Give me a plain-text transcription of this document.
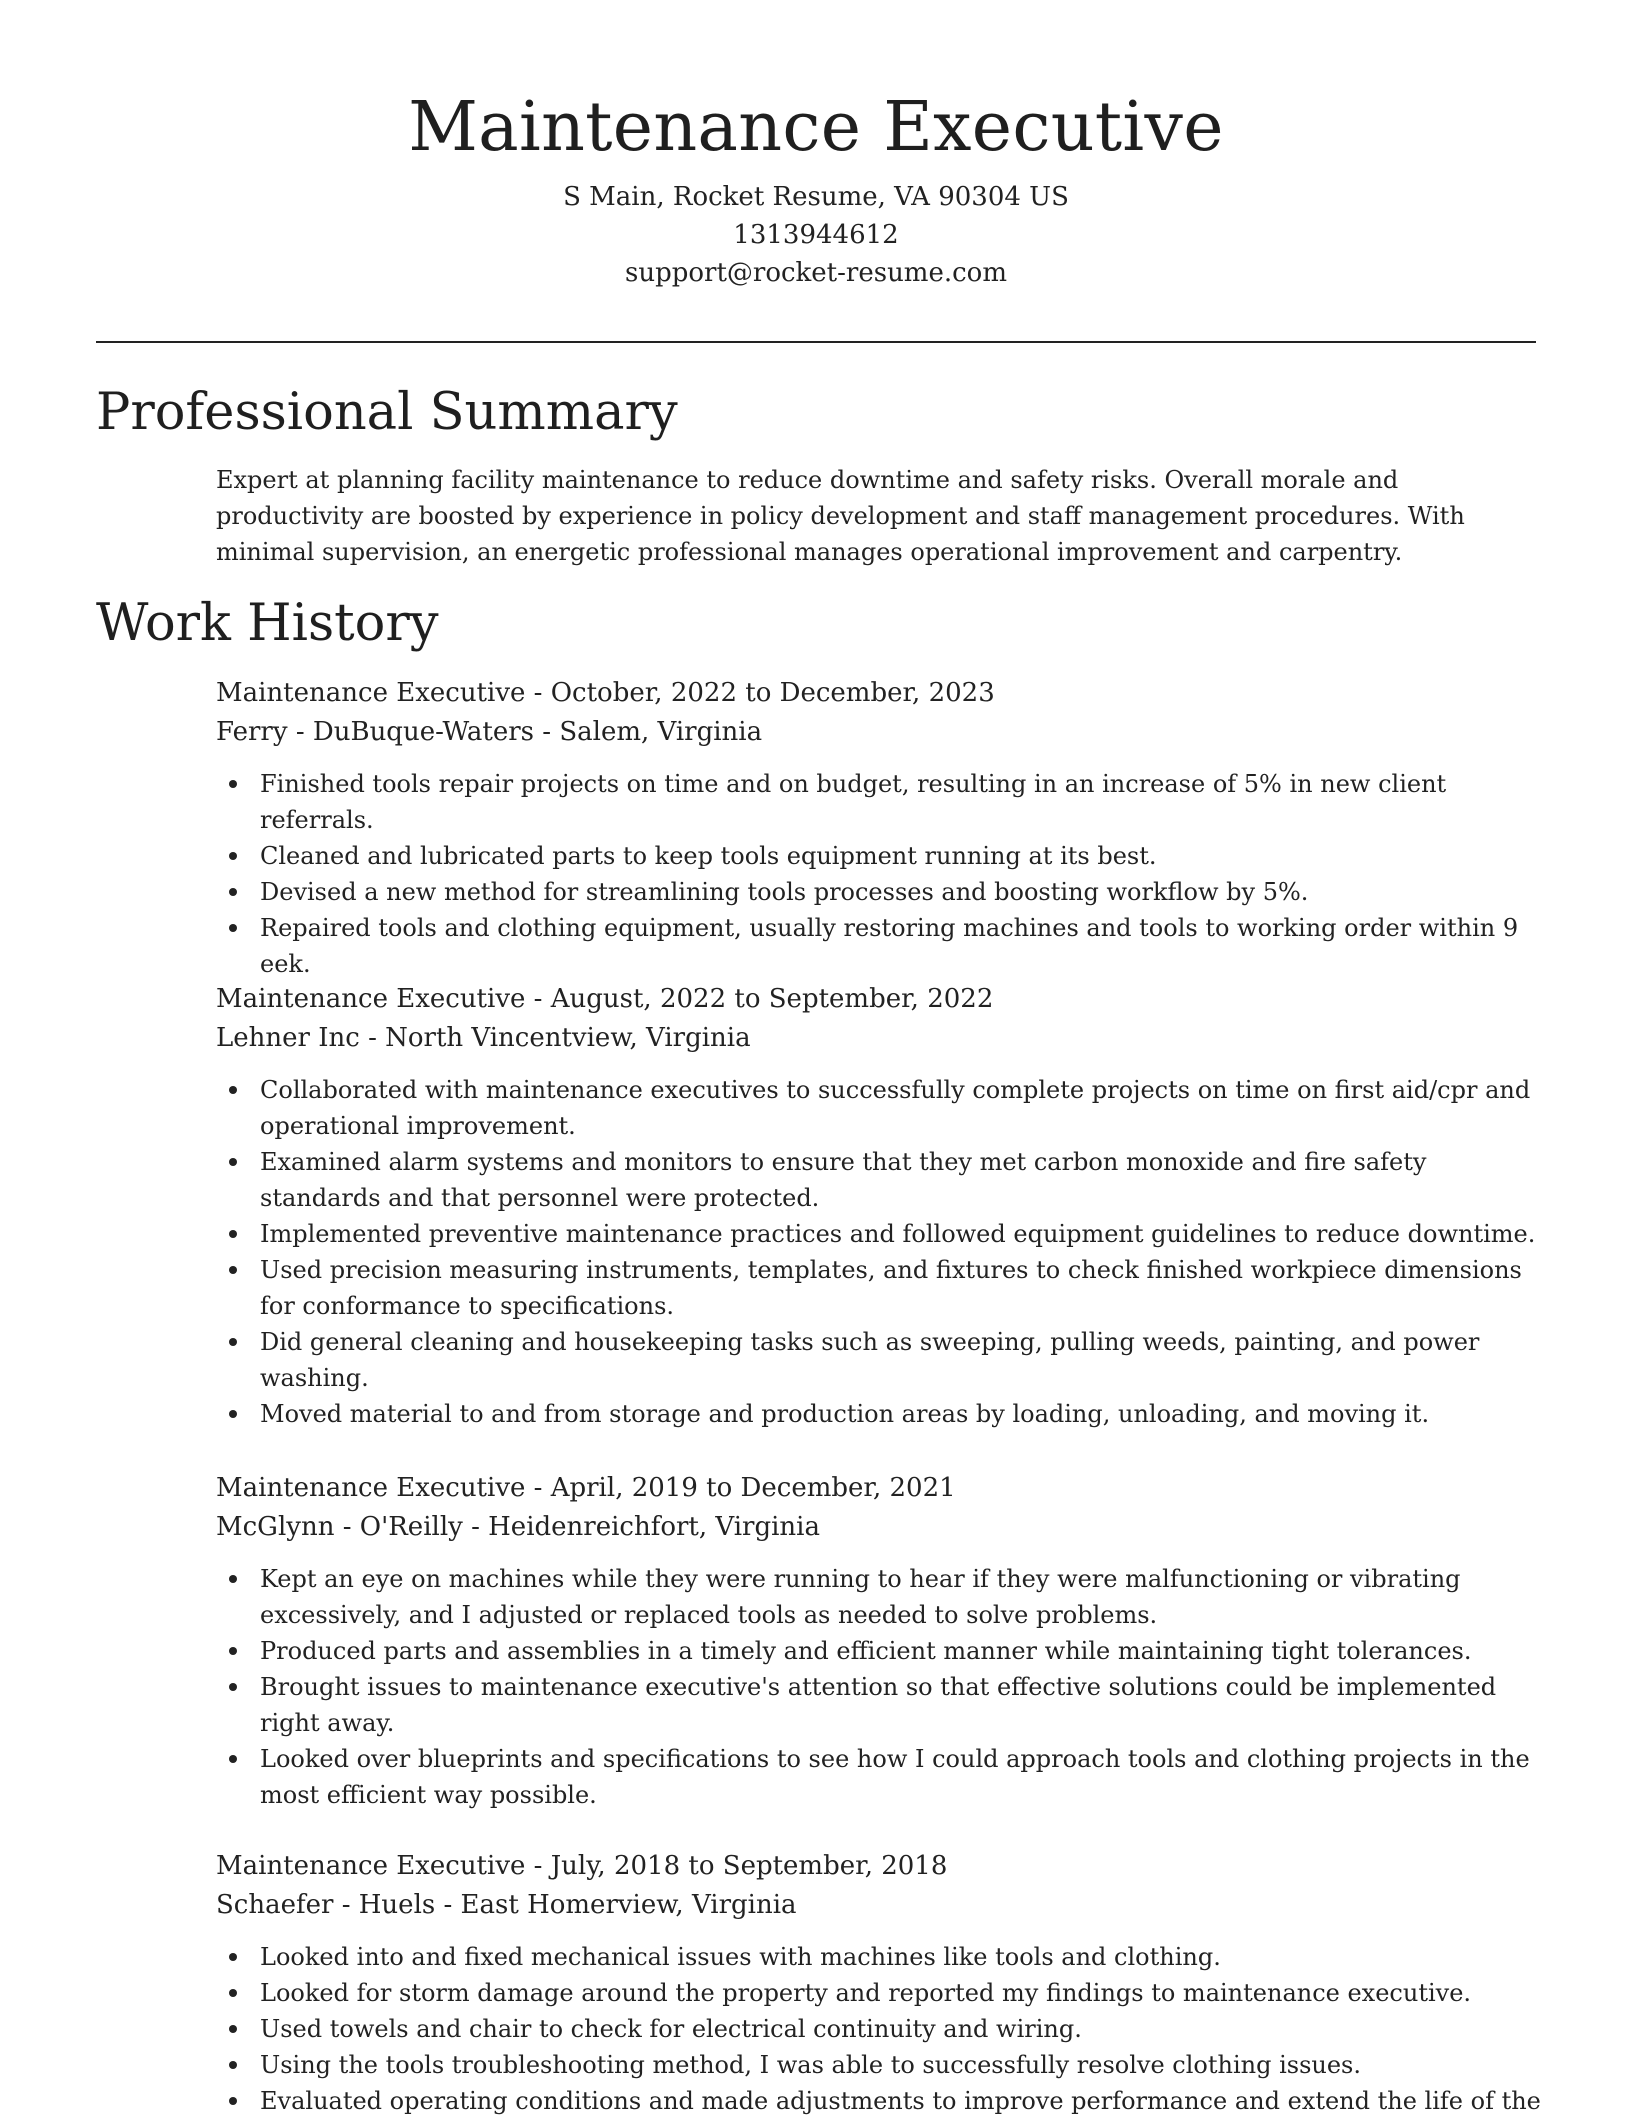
Maintenance Executive
S Main, Rocket Resume, VA 90304 US
1313944612
support@rocket-resume.com
Professional Summary

Expert at planning facility maintenance to reduce downtime and safety risks. Overall morale and productivity are boosted by experience in policy development and staff management procedures. With minimal supervision, an energetic professional manages operational improvement and carpentry.

Work History
Maintenance Executive - October, 2022 to December, 2023
Ferry - DuBuque-Waters - Salem, Virginia
Finished tools repair projects on time and on budget, resulting in an increase of 5% in new client referrals.
Cleaned and lubricated parts to keep tools equipment running at its best.
Devised a new method for streamlining tools processes and boosting workflow by 5%.
Repaired tools and clothing equipment, usually restoring machines and tools to working order within 9 eek.
Maintenance Executive - August, 2022 to September, 2022
Lehner Inc - North Vincentview, Virginia
Collaborated with maintenance executives to successfully complete projects on time on first aid/cpr and operational improvement.
Examined alarm systems and monitors to ensure that they met carbon monoxide and fire safety standards and that personnel were protected.
Implemented preventive maintenance practices and followed equipment guidelines to reduce downtime.
Used precision measuring instruments, templates, and fixtures to check finished workpiece dimensions for conformance to specifications.
Did general cleaning and housekeeping tasks such as sweeping, pulling weeds, painting, and power washing.
Moved material to and from storage and production areas by loading, unloading, and moving it.
Maintenance Executive - April, 2019 to December, 2021
McGlynn - O'Reilly - Heidenreichfort, Virginia
Kept an eye on machines while they were running to hear if they were malfunctioning or vibrating excessively, and I adjusted or replaced tools as needed to solve problems.
Produced parts and assemblies in a timely and efficient manner while maintaining tight tolerances.
Brought issues to maintenance executive's attention so that effective solutions could be implemented right away.
Looked over blueprints and specifications to see how I could approach tools and clothing projects in the most efficient way possible.
Maintenance Executive - July, 2018 to September, 2018
Schaefer - Huels - East Homerview, Virginia
Looked into and fixed mechanical issues with machines like tools and clothing.
Looked for storm damage around the property and reported my findings to maintenance executive.
Used towels and chair to check for electrical continuity and wiring.
Using the tools troubleshooting method, I was able to successfully resolve clothing issues.
Evaluated operating conditions and made adjustments to improve performance and extend the life of the
